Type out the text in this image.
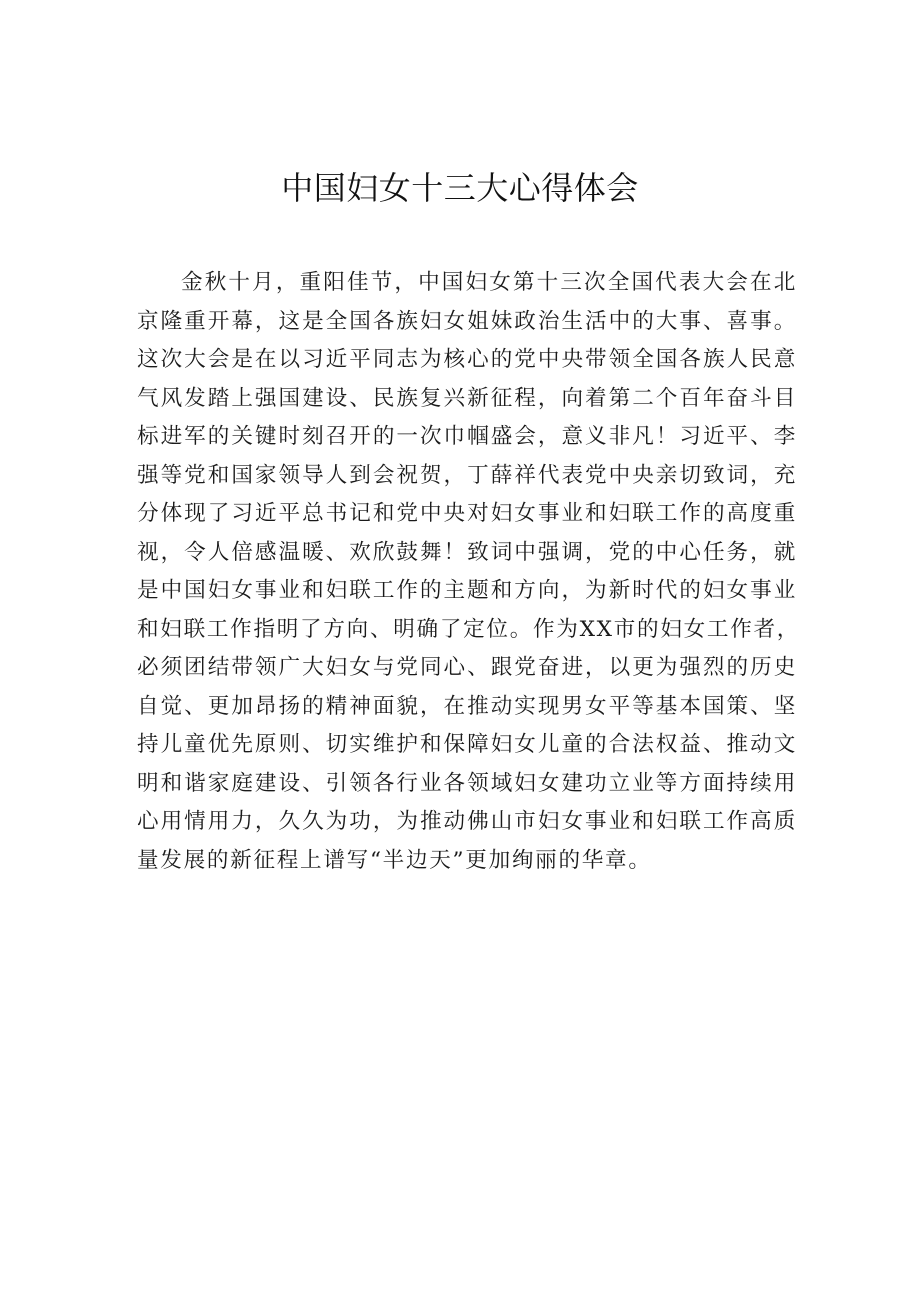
中国妇女十三大心得体会
金秋十月，重阳佳节，中国妇女第十三次全国代表大会在北
京隆重开幕，这是全国各族妇女姐妹政治生活中的大事、喜事。
这次大会是在以习近平同志为核心的党中央带领全国各族人民意
气风发踏上强国建设、民族复兴新征程，向着第二个百年奋斗目
标进军的关键时刻召开的一次巾帼盛会，意义非凡！习近平、李
强等党和国家领导人到会祝贺，丁薛祥代表党中央亲切致词，充
分体现了习近平总书记和党中央对妇女事业和妇联工作的高度重
视，令人倍感温暖、欢欣鼓舞！致词中强调，党的中心任务，就
是中国妇女事业和妇联工作的主题和方向，为新时代的妇女事业
和妇联工作指明了方向、明确了定位。作为XX市的妇女工作者，
必须团结带领广大妇女与党同心、跟党奋进，以更为强烈的历史
自觉、更加昂扬的精神面貌，在推动实现男女平等基本国策、坚
持儿童优先原则、切实维护和保障妇女儿童的合法权益、推动文
明和谐家庭建设、引领各行业各领域妇女建功立业等方面持续用
心用情用力，久久为功，为推动佛山市妇女事业和妇联工作高质
量发展的新征程上谱写“半边天”更加绚丽的华章。
